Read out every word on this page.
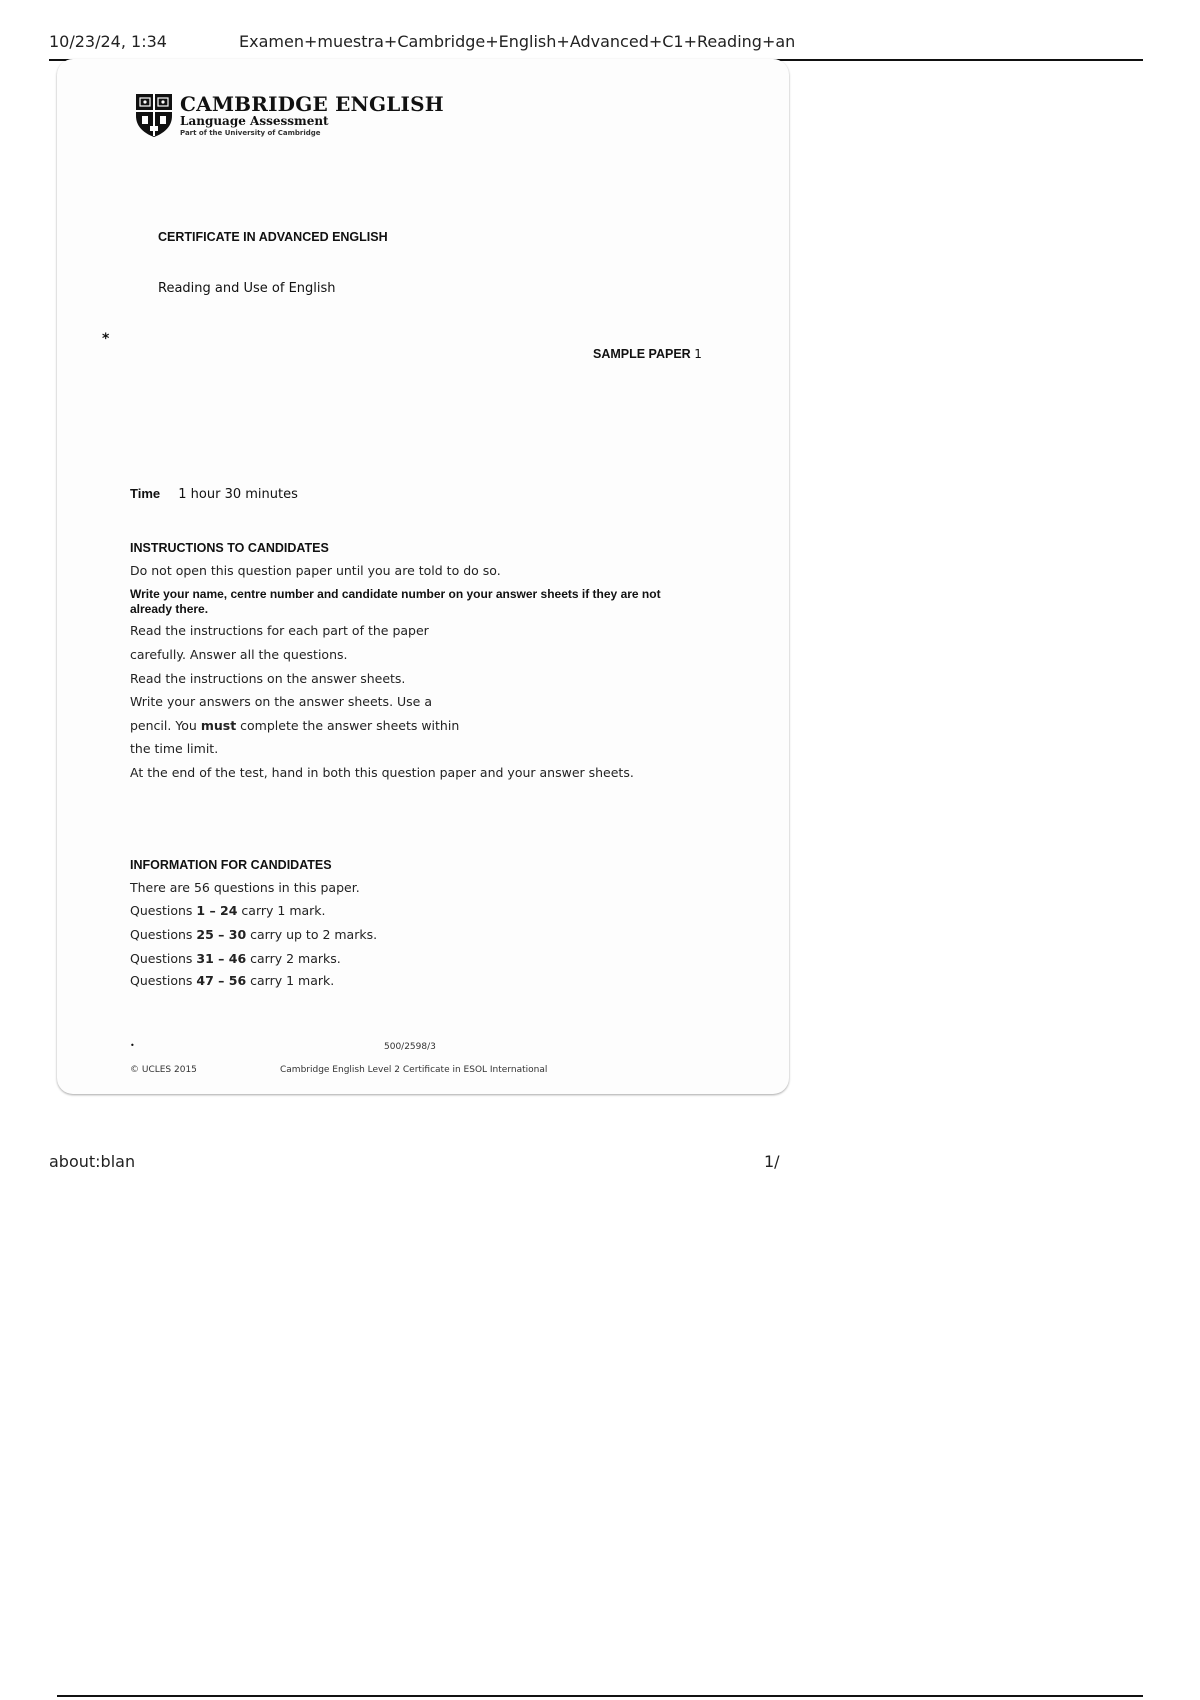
10/23/24, 1:34	Examen+muestra+Cambridge+English+Advanced+C1+Reading+an
CAMBRIDGE ENGLISH
Language Assessment
Part of the University of Cambridge
CERTIFICATE IN ADVANCED ENGLISH
Reading and Use of English
*
SAMPLE PAPER 1
Time 1 hour 30 minutes
INSTRUCTIONS TO CANDIDATES
Do not open this question paper until you are told to do so.
Write your name, centre number and candidate number on your answer sheets if they are not already there.
Read the instructions for each part of the paper
carefully. Answer all the questions.
Read the instructions on the answer sheets.
Write your answers on the answer sheets. Use a
pencil. You must complete the answer sheets within
the time limit.
At the end of the test, hand in both this question paper and your answer sheets.
INFORMATION FOR CANDIDATES
There are 56 questions in this paper.
Questions 1 – 24 carry 1 mark.
Questions 25 – 30 carry up to 2 marks.
Questions 31 – 46 carry 2 marks.
Questions 47 – 56 carry 1 mark.
•	500/2598/3
© UCLES 2015	Cambridge English Level 2 Certificate in ESOL International
about:blan	1/
